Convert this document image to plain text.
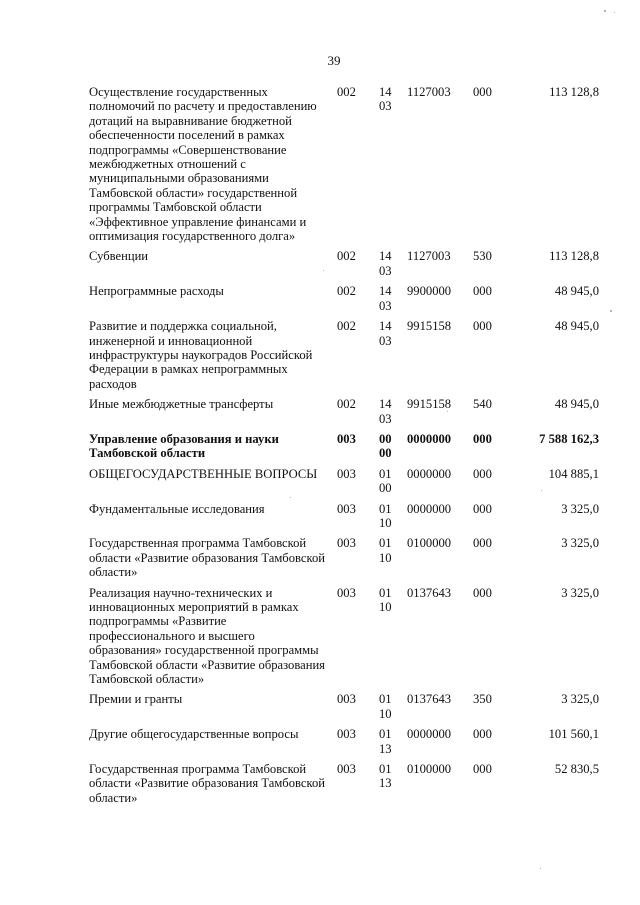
39
Осуществление государственных полномочий по расчету и предоставлению дотаций на выравнивание бюджетной обеспеченности поселений в рамках подпрограммы «Совершенствование межбюджетных отношений с муниципальными образованиями Тамбовской области» государственной программы Тамбовской области «Эффективное управление финансами и оптимизация государственного долга»	002	14 03	1127003	000	113 128,8
Субвенции	002	14 03	1127003	530	113 128,8
Непрограммные расходы	002	14 03	9900000	000	48 945,0
Развитие и поддержка социальной, инженерной и инновационной инфраструктуры наукоградов Российской Федерации в рамках непрограммных расходов	002	14 03	9915158	000	48 945,0
Иные межбюджетные трансферты	002	14 03	9915158	540	48 945,0
Управление образования и науки Тамбовской области	003	00 00	0000000	000	7 588 162,3
ОБЩЕГОСУДАРСТВЕННЫЕ ВОПРОСЫ	003	01 00	0000000	000	104 885,1
Фундаментальные исследования	003	01 10	0000000	000	3 325,0
Государственная программа Тамбовской области «Развитие образования Тамбовской области»	003	01 10	0100000	000	3 325,0
Реализация научно-технических и инновационных мероприятий в рамках подпрограммы «Развитие профессионального и высшего образования» государственной программы Тамбовской области «Развитие образования Тамбовской области»	003	01 10	0137643	000	3 325,0
Премии и гранты	003	01 10	0137643	350	3 325,0
Другие общегосударственные вопросы	003	01 13	0000000	000	101 560,1
Государственная программа Тамбовской области «Развитие образования Тамбовской области»	003	01 13	0100000	000	52 830,5
